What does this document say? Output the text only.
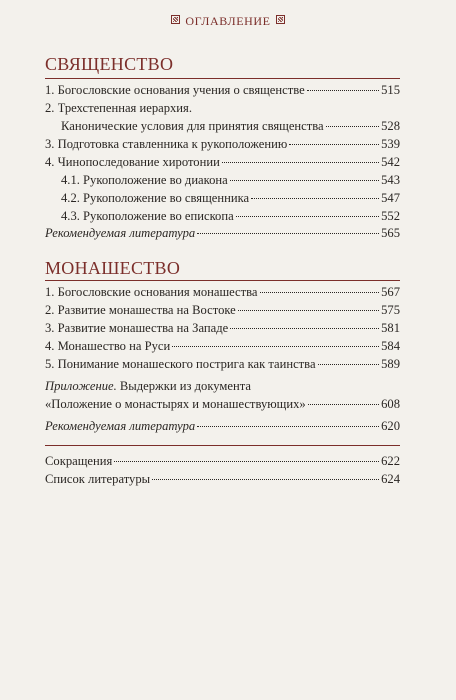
ОГЛАВЛЕНИЕ
СВЯЩЕНСТВО
1.
Богословские основания учения о священстве	515
2.
Трехстепенная иерархия.
Канонические условия для принятия священства	528
3.
Подготовка ставленника к рукоположению	539
4.
Чинопоследование хиротонии	542
4.1.
Рукоположение во диакона	543
4.2.
Рукоположение во священника	547
4.3.
Рукоположение во епископа	552
Рекомендуемая литература	565
МОНАШЕСТВО
1.
Богословские основания монашества	567
2.
Развитие монашества на Востоке	575
3.
Развитие монашества на Западе	581
4.
Монашество на Руси	584
5.
Понимание монашеского пострига как таинства	589
Приложение.
Выдержки из документа
«Положение о монастырях и монашествующих»	608
Рекомендуемая литература	620
Сокращения	622
Список литературы	624
